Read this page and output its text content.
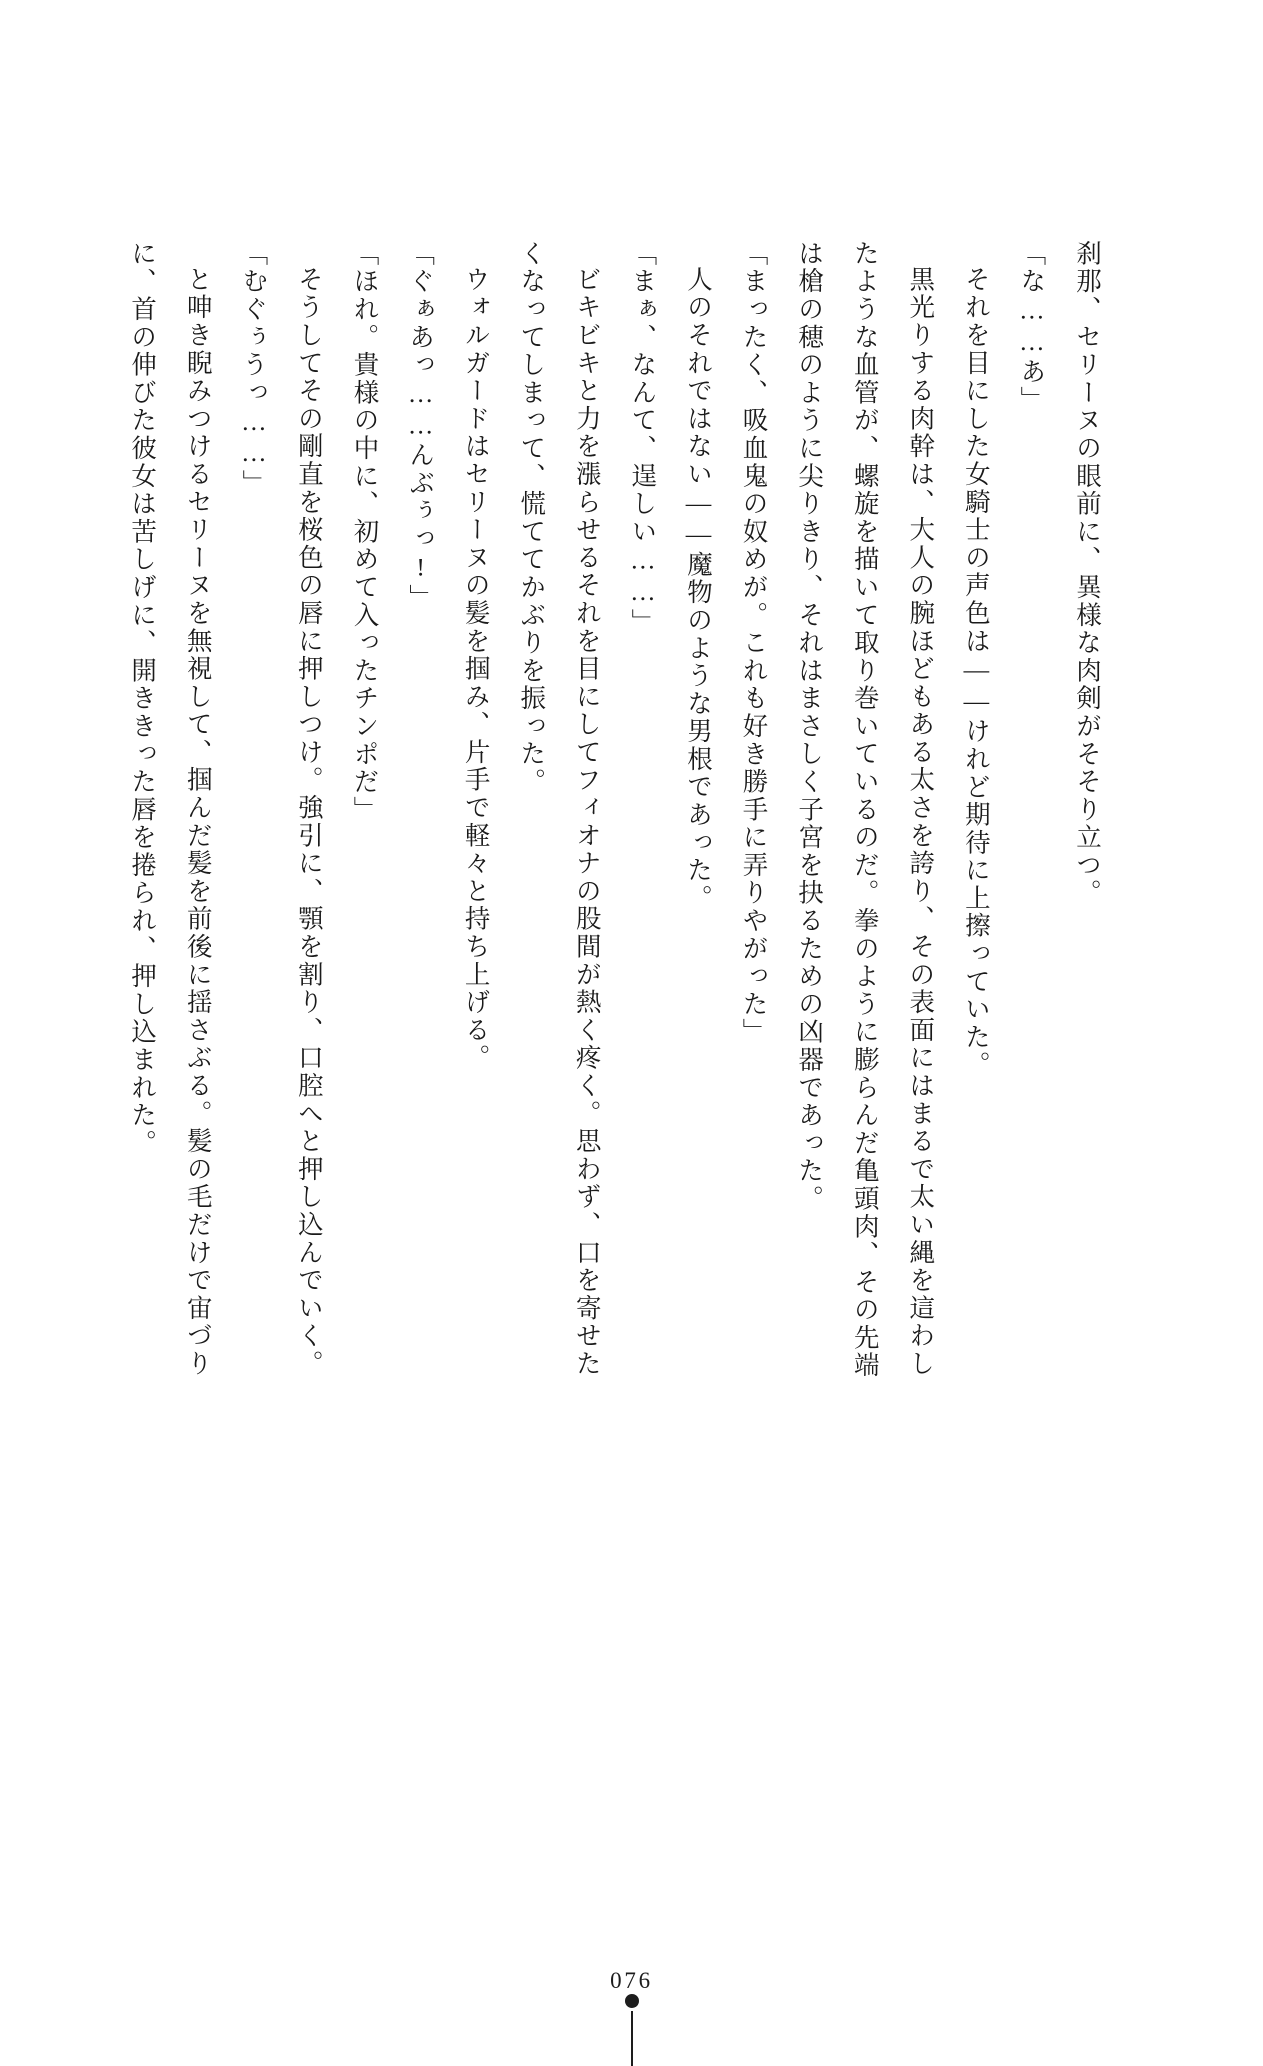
刹那、セリーヌの眼前に、異様な肉剣がそそり立つ。

「な……あ」

それを目にした女騎士の声色は——けれど期待に上擦っていた。

黒光りする肉幹は、大人の腕ほどもある太さを誇り、その表面にはまるで太い縄を這わしたような血管が、螺旋を描いて取り巻いているのだ。拳のように膨らんだ亀頭肉、その先端は槍の穂のように尖りきり、それはまさしく子宮を抉るための凶器であった。

「まったく、吸血鬼の奴めが。これも好き勝手に弄りやがった」

人のそれではない——魔物のような男根であった。

「まぁ、なんて、逞しい……」

ビキビキと力を漲らせるそれを目にしてフィオナの股間が熱く疼く。思わず、口を寄せたくなってしまって、慌ててかぶりを振った。

ウォルガードはセリーヌの髪を掴み、片手で軽々と持ち上げる。

「ぐぁあっ……んぶぅっ!」

「ほれ。貴様の中に、初めて入ったチンポだ」

そうしてその剛直を桜色の唇に押しつけ。強引に、顎を割り、口腔へと押し込んでいく。

「むぐぅうっ……」

と呻き睨みつけるセリーヌを無視して、掴んだ髪を前後に揺さぶる。髪の毛だけで宙づりに、首の伸びた彼女は苦しげに、開ききった唇を捲られ、押し込まれた。

076
